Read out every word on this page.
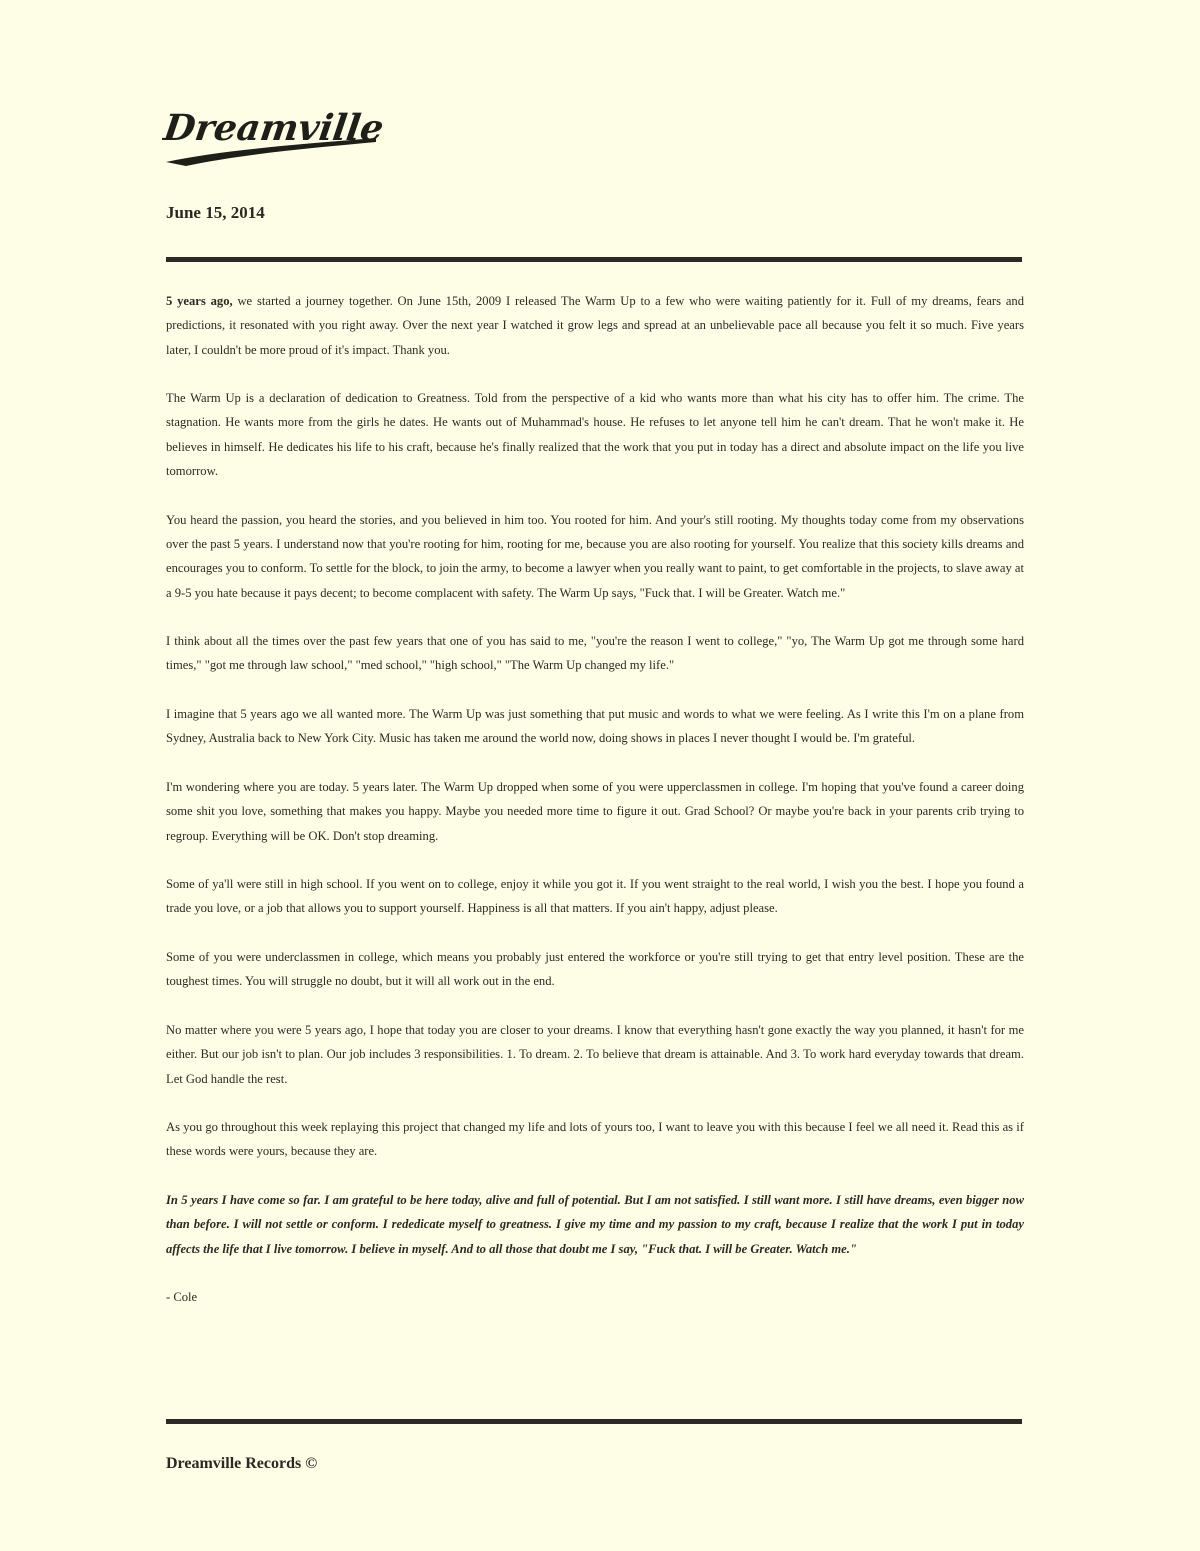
Dreamville
June 15, 2014

5 years ago, we started a journey together. On June 15th, 2009 I released The Warm Up to a few who were waiting patiently for it. Full of my dreams, fears and predictions, it resonated with you right away. Over the next year I watched it grow legs and spread at an unbelievable pace all because you felt it so much. Five years later, I couldn't be more proud of it's impact. Thank you.

The Warm Up is a declaration of dedication to Greatness. Told from the perspective of a kid who wants more than what his city has to offer him. The crime. The stagnation. He wants more from the girls he dates. He wants out of Muhammad's house. He refuses to let anyone tell him he can't dream. That he won't make it. He believes in himself. He dedicates his life to his craft, because he's finally realized that the work that you put in today has a direct and absolute impact on the life you live tomorrow.

You heard the passion, you heard the stories, and you believed in him too. You rooted for him. And your's still rooting. My thoughts today come from my observations over the past 5 years. I understand now that you're rooting for him, rooting for me, because you are also rooting for yourself. You realize that this society kills dreams and encourages you to conform. To settle for the block, to join the army, to become a lawyer when you really want to paint, to get comfortable in the projects, to slave away at a 9-5 you hate because it pays decent; to become complacent with safety. The Warm Up says, "Fuck that. I will be Greater. Watch me."

I think about all the times over the past few years that one of you has said to me, "you're the reason I went to college," "yo, The Warm Up got me through some hard times," "got me through law school," "med school," "high school," "The Warm Up changed my life."

I imagine that 5 years ago we all wanted more. The Warm Up was just something that put music and words to what we were feeling. As I write this I'm on a plane from Sydney, Australia back to New York City. Music has taken me around the world now, doing shows in places I never thought I would be. I'm grateful.

I'm wondering where you are today. 5 years later. The Warm Up dropped when some of you were upperclassmen in college. I'm hoping that you've found a career doing some shit you love, something that makes you happy. Maybe you needed more time to figure it out. Grad School? Or maybe you're back in your parents crib trying to regroup. Everything will be OK. Don't stop dreaming.

Some of ya'll were still in high school. If you went on to college, enjoy it while you got it. If you went straight to the real world, I wish you the best. I hope you found a trade you love, or a job that allows you to support yourself. Happiness is all that matters. If you ain't happy, adjust please.

Some of you were underclassmen in college, which means you probably just entered the workforce or you're still trying to get that entry level position. These are the toughest times. You will struggle no doubt, but it will all work out in the end.

No matter where you were 5 years ago, I hope that today you are closer to your dreams. I know that everything hasn't gone exactly the way you planned, it hasn't for me either. But our job isn't to plan. Our job includes 3 responsibilities. 1. To dream. 2. To believe that dream is attainable. And 3. To work hard everyday towards that dream. Let God handle the rest.

As you go throughout this week replaying this project that changed my life and lots of yours too, I want to leave you with this because I feel we all need it. Read this as if these words were yours, because they are.

In 5 years I have come so far. I am grateful to be here today, alive and full of potential. But I am not satisfied. I still want more. I still have dreams, even bigger now than before. I will not settle or conform. I rededicate myself to greatness. I give my time and my passion to my craft, because I realize that the work I put in today affects the life that I live tomorrow. I believe in myself. And to all those that doubt me I say, "Fuck that. I will be Greater. Watch me."

- Cole

Dreamville Records ©
